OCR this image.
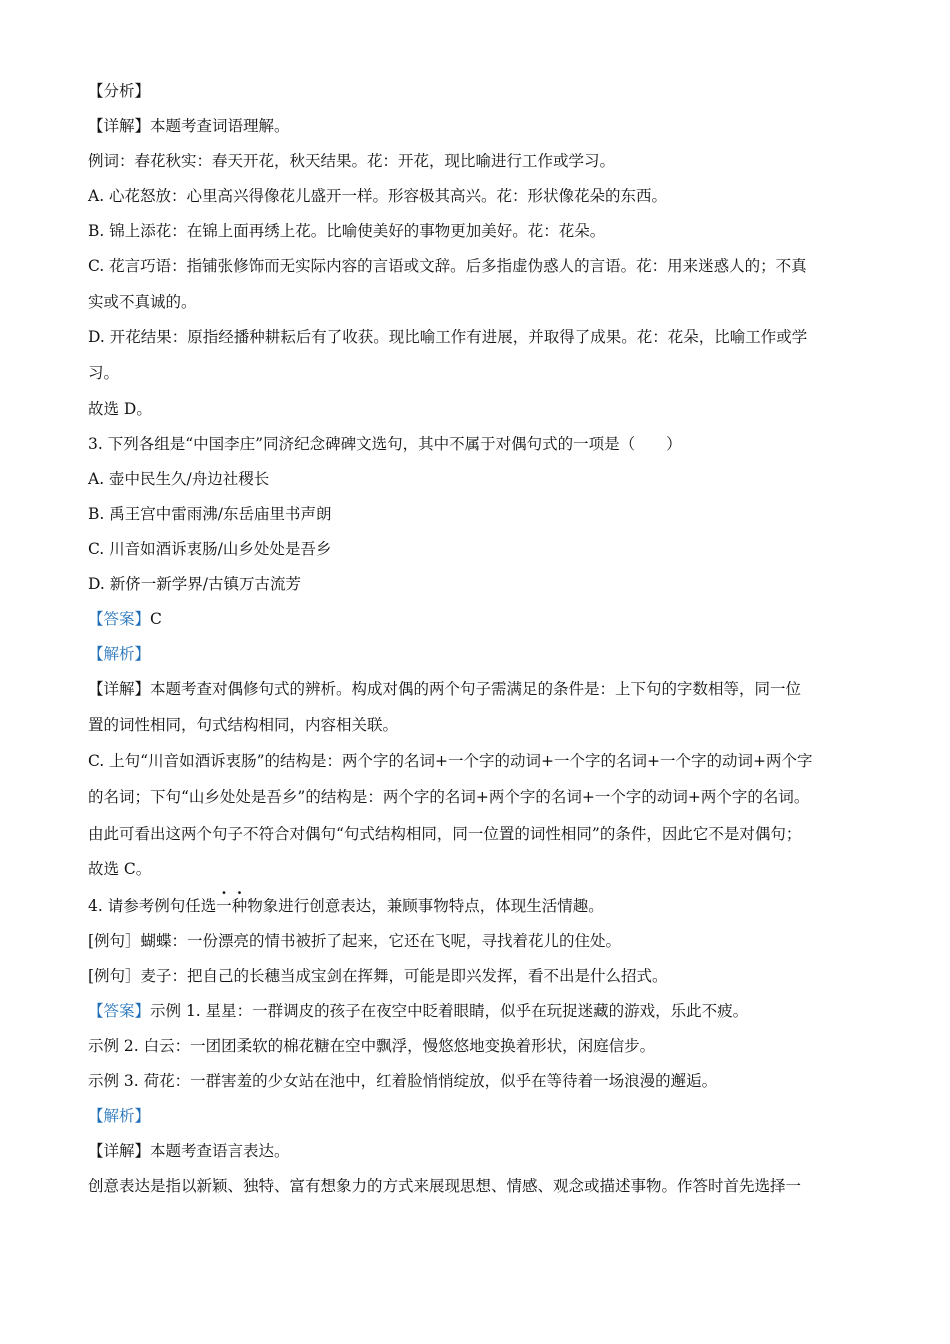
【分析】
【详解】本题考查词语理解。
例词：春花秋实：春天开花，秋天结果。花：开花，现比喻进行工作或学习。
A. 心花怒放：心里高兴得像花儿盛开一样。形容极其高兴。花：形状像花朵的东西。
B. 锦上添花：在锦上面再绣上花。比喻使美好的事物更加美好。花：花朵。
C. 花言巧语：指铺张修饰而无实际内容的言语或文辞。后多指虚伪惑人的言语。花：用来迷惑人的；不真
实或不真诚的。
D. 开花结果：原指经播种耕耘后有了收获。现比喻工作有进展，并取得了成果。花：花朵，比喻工作或学
习。
故选 D。
3. 下列各组是“中国李庄”同济纪念碑碑文选句，其中不属于对偶句式的一项是（　　）
A. 壶中民生久/舟边社稷长
B. 禹王宫中雷雨沸/东岳庙里书声朗
C. 川音如酒诉衷肠/山乡处处是吾乡
D. 新侪一新学界/古镇万古流芳
【答案】C
【解析】
【详解】本题考查对偶修句式的辨析。构成对偶的两个句子需满足的条件是：上下句的字数相等，同一位
置的词性相同，句式结构相同，内容相关联。
C. 上句“川音如酒诉衷肠”的结构是：两个字的名词+一个字的动词+一个字的名词+一个字的动词+两个字
的名词；下句“山乡处处是吾乡”的结构是：两个字的名词+两个字的名词+一个字的动词+两个字的名词。
由此可看出这两个句子不符合对偶句“句式结构相同，同一位置的词性相同”的条件，因此它不是对偶句；
故选 C。
4. 请参考例句任选一种物象进行创意表达，兼顾事物特点，体现生活情趣。
[例句］蝴蝶：一份漂亮的情书被折了起来，它还在飞呢，寻找着花儿的住处。
[例句］麦子：把自己的长穗当成宝剑在挥舞，可能是即兴发挥，看不出是什么招式。
【答案】示例 1. 星星：一群调皮的孩子在夜空中眨着眼睛，似乎在玩捉迷藏的游戏，乐此不疲。
示例 2. 白云：一团团柔软的棉花糖在空中飘浮，慢悠悠地变换着形状，闲庭信步。
示例 3. 荷花：一群害羞的少女站在池中，红着脸悄悄绽放，似乎在等待着一场浪漫的邂逅。
【解析】
【详解】本题考查语言表达。
创意表达是指以新颖、独特、富有想象力的方式来展现思想、情感、观念或描述事物。作答时首先选择一
